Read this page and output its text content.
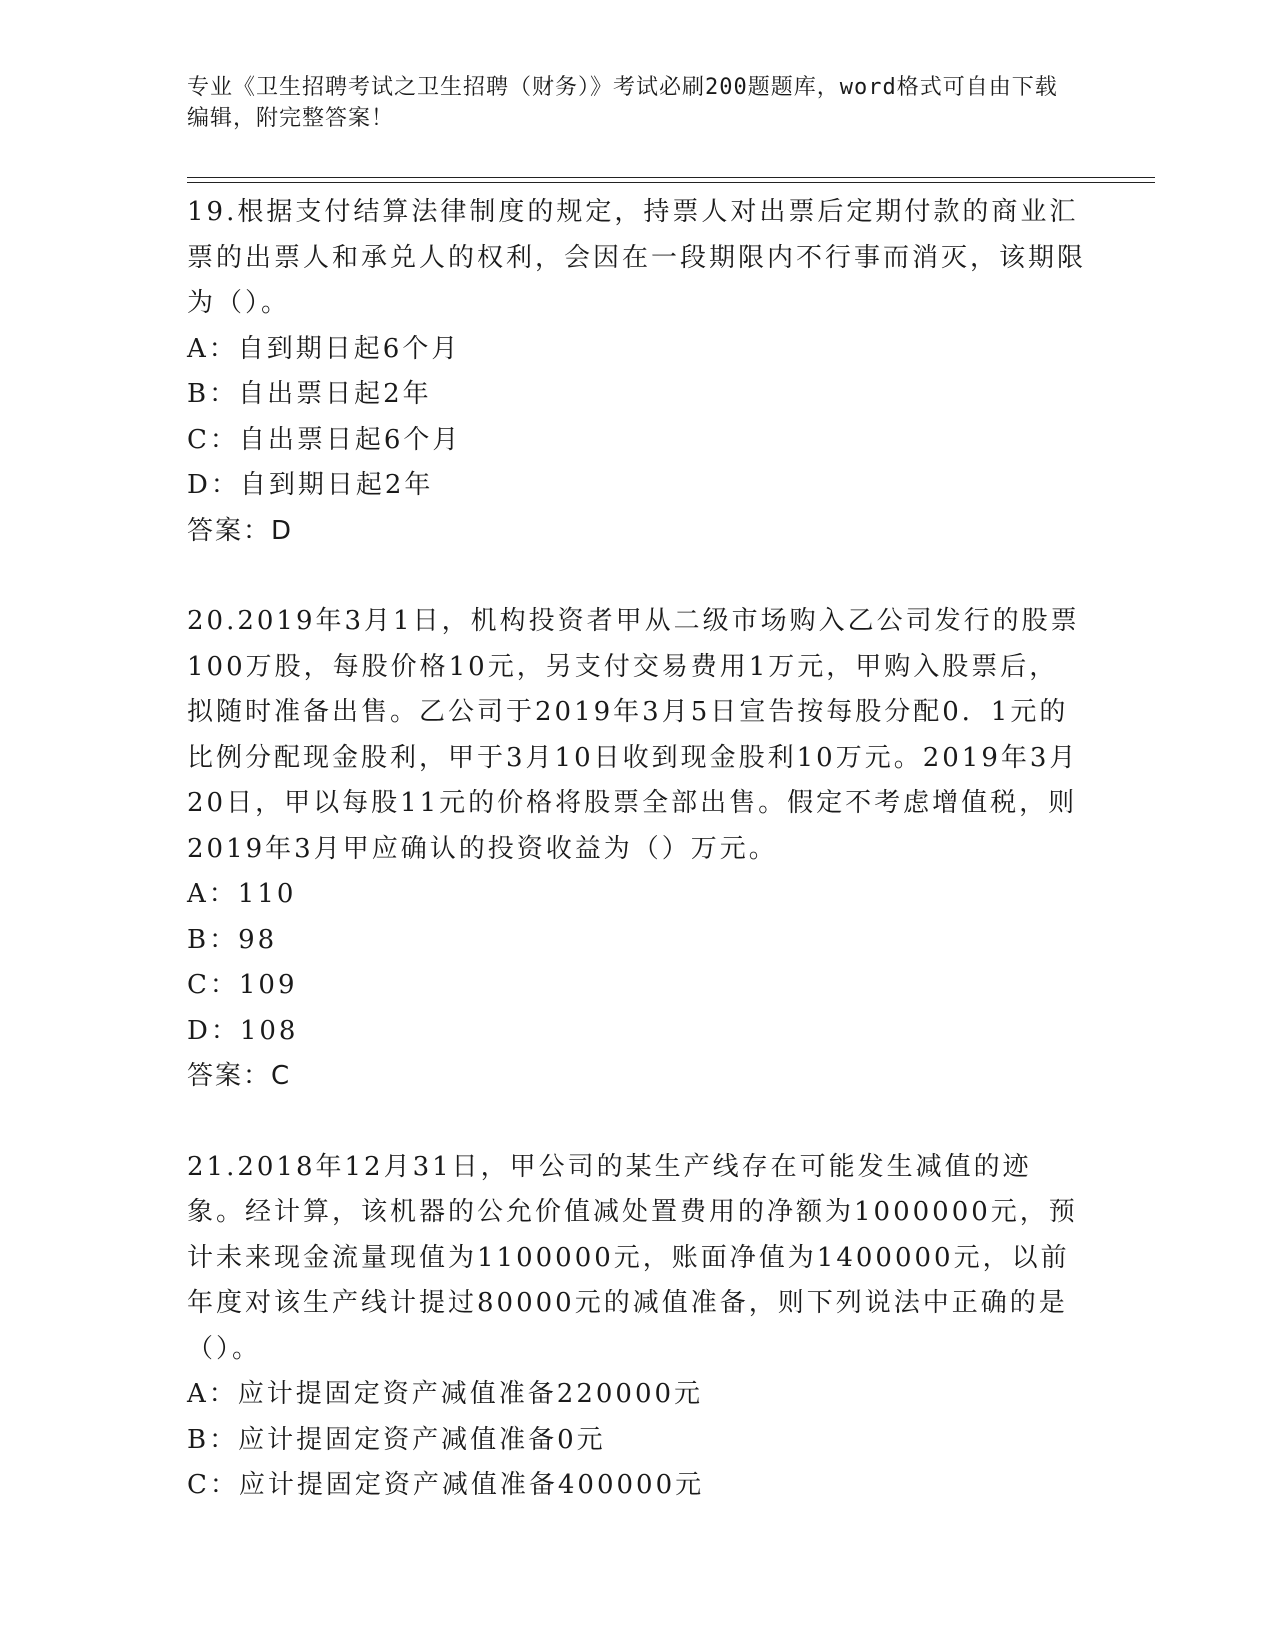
专业《卫生招聘考试之卫生招聘（财务）》考试必刷200题题库，word格式可自由下载编辑，附完整答案！

19.根据支付结算法律制度的规定，持票人对出票后定期付款的商业汇票的出票人和承兑人的权利，会因在一段期限内不行事而消灭，该期限为（）。

A：自到期日起6个月

B：自出票日起2年

C：自出票日起6个月

D：自到期日起2年

答案：D

20.2019年3月1日，机构投资者甲从二级市场购入乙公司发行的股票100万股，每股价格10元，另支付交易费用1万元，甲购入股票后，拟随时准备出售。乙公司于2019年3月5日宣告按每股分配0．1元的比例分配现金股利，甲于3月10日收到现金股利10万元。2019年3月20日，甲以每股11元的价格将股票全部出售。假定不考虑增值税，则2019年3月甲应确认的投资收益为（）万元。

A：110

B：98

C：109

D：108

答案：C

21.2018年12月31日，甲公司的某生产线存在可能发生减值的迹象。经计算，该机器的公允价值减处置费用的净额为1000000元，预计未来现金流量现值为1100000元，账面净值为1400000元，以前年度对该生产线计提过80000元的减值准备，则下列说法中正确的是（）。

A：应计提固定资产减值准备220000元

B：应计提固定资产减值准备0元

C：应计提固定资产减值准备400000元
